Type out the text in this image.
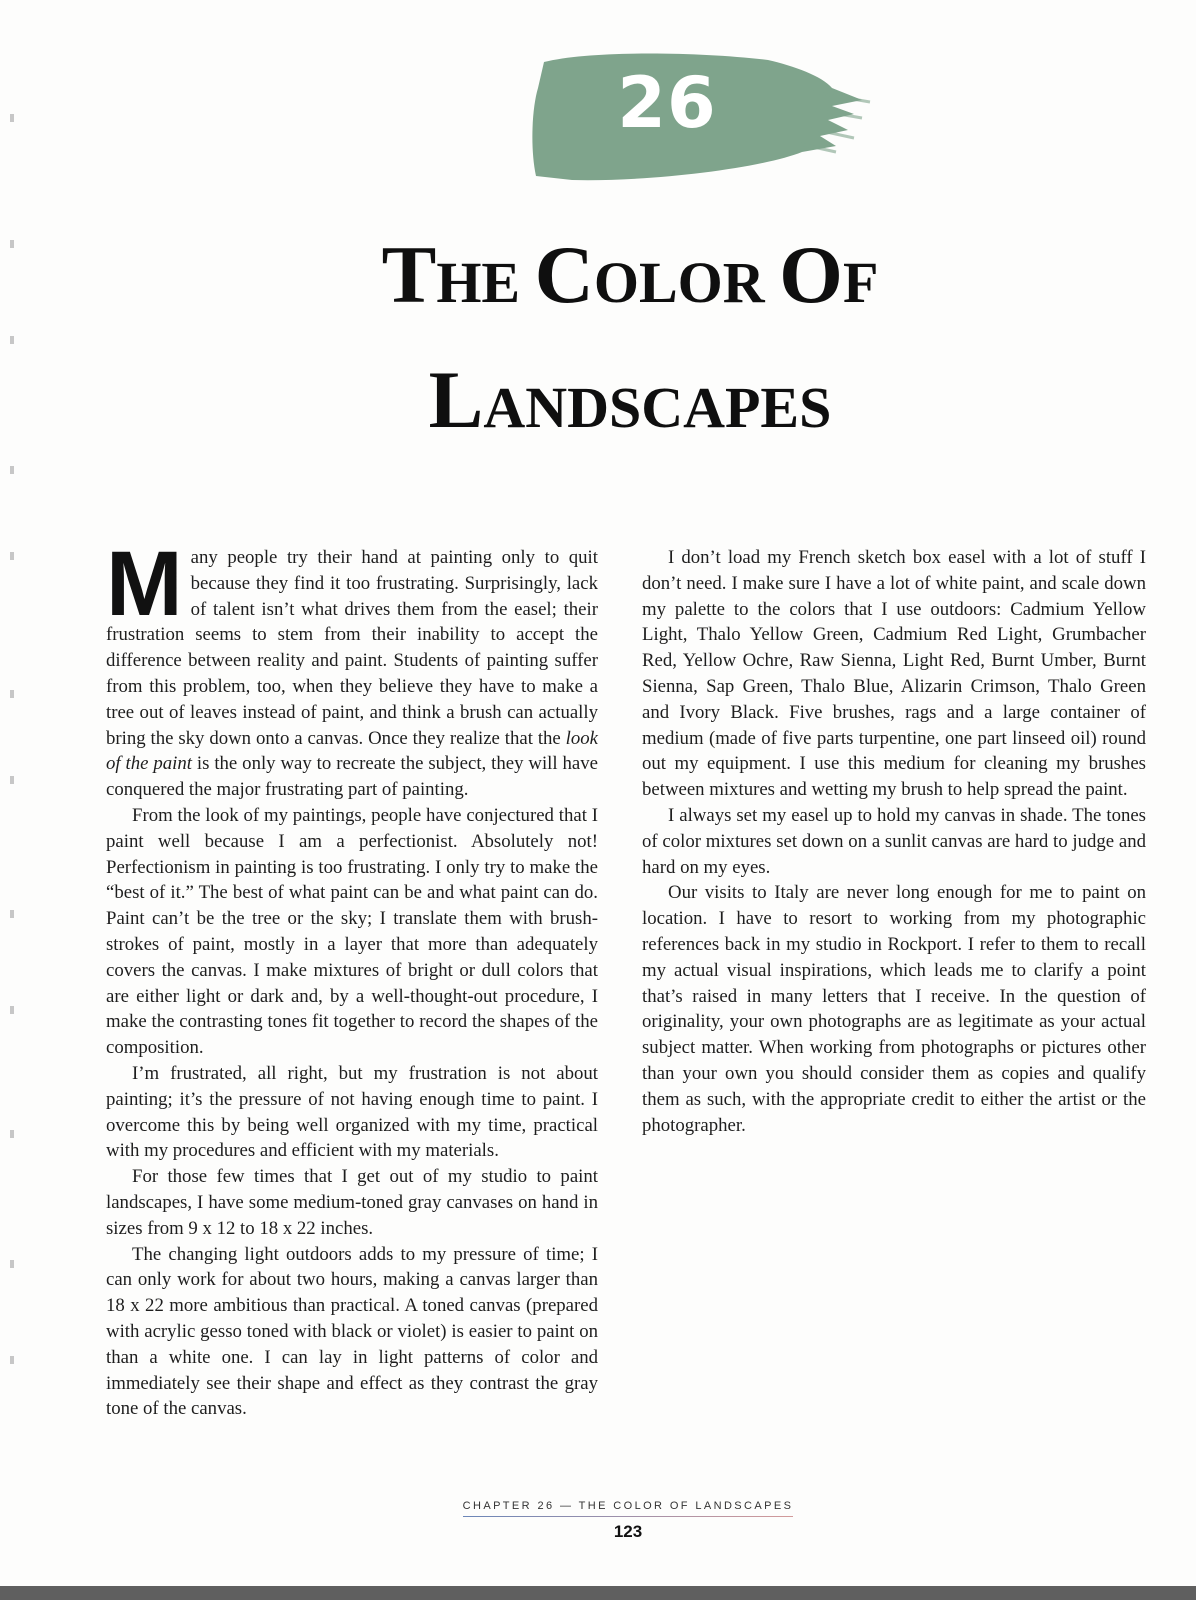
26
THE COLOR OF
LANDSCAPES

Many people try their hand at painting only to quit because they find it too frustrating. Surprisingly, lack of talent isn’t what drives them from the easel; their frustration seems to stem from their inability to accept the difference between reality and paint. Students of painting suffer from this problem, too, when they believe they have to make a tree out of leaves instead of paint, and think a brush can actually bring the sky down onto a canvas. Once they realize that the look of the paint is the only way to recreate the subject, they will have conquered the major frustrating part of painting.

From the look of my paintings, people have conjectured that I paint well because I am a perfectionist. Absolutely not! Perfectionism in painting is too frustrating. I only try to make the “best of it.” The best of what paint can be and what paint can do. Paint can’t be the tree or the sky; I translate them with brushstrokes of paint, mostly in a layer that more than adequately covers the canvas. I make mixtures of bright or dull colors that are either light or dark and, by a well-thought-out procedure, I make the contrasting tones fit together to record the shapes of the composition.

I’m frustrated, all right, but my frustration is not about painting; it’s the pressure of not having enough time to paint. I overcome this by being well organized with my time, practical with my procedures and efficient with my materials.

For those few times that I get out of my studio to paint landscapes, I have some medium-toned gray canvases on hand in sizes from 9 x 12 to 18 x 22 inches.

The changing light outdoors adds to my pressure of time; I can only work for about two hours, making a canvas larger than 18 x 22 more ambitious than practical. A toned canvas (prepared with acrylic gesso toned with black or violet) is easier to paint on than a white one. I can lay in light patterns of color and immediately see their shape and effect as they contrast the gray tone of the canvas.

I don’t load my French sketch box easel with a lot of stuff I don’t need. I make sure I have a lot of white paint, and scale down my palette to the colors that I use outdoors: Cadmium Yellow Light, Thalo Yellow Green, Cadmium Red Light, Grumbacher Red, Yellow Ochre, Raw Sienna, Light Red, Burnt Umber, Burnt Sienna, Sap Green, Thalo Blue, Alizarin Crimson, Thalo Green and Ivory Black. Five brushes, rags and a large container of medium (made of five parts turpentine, one part linseed oil) round out my equipment. I use this medium for cleaning my brushes between mixtures and wetting my brush to help spread the paint.

I always set my easel up to hold my canvas in shade. The tones of color mixtures set down on a sunlit canvas are hard to judge and hard on my eyes.

Our visits to Italy are never long enough for me to paint on location. I have to resort to working from my photographic references back in my studio in Rockport. I refer to them to recall my actual visual inspirations, which leads me to clarify a point that’s raised in many letters that I receive. In the question of originality, your own photographs are as legitimate as your actual subject matter. When working from photographs or pictures other than your own you should consider them as copies and qualify them as such, with the appropriate credit to either the artist or the photographer.

CHAPTER 26 — THE COLOR OF LANDSCAPES
123
